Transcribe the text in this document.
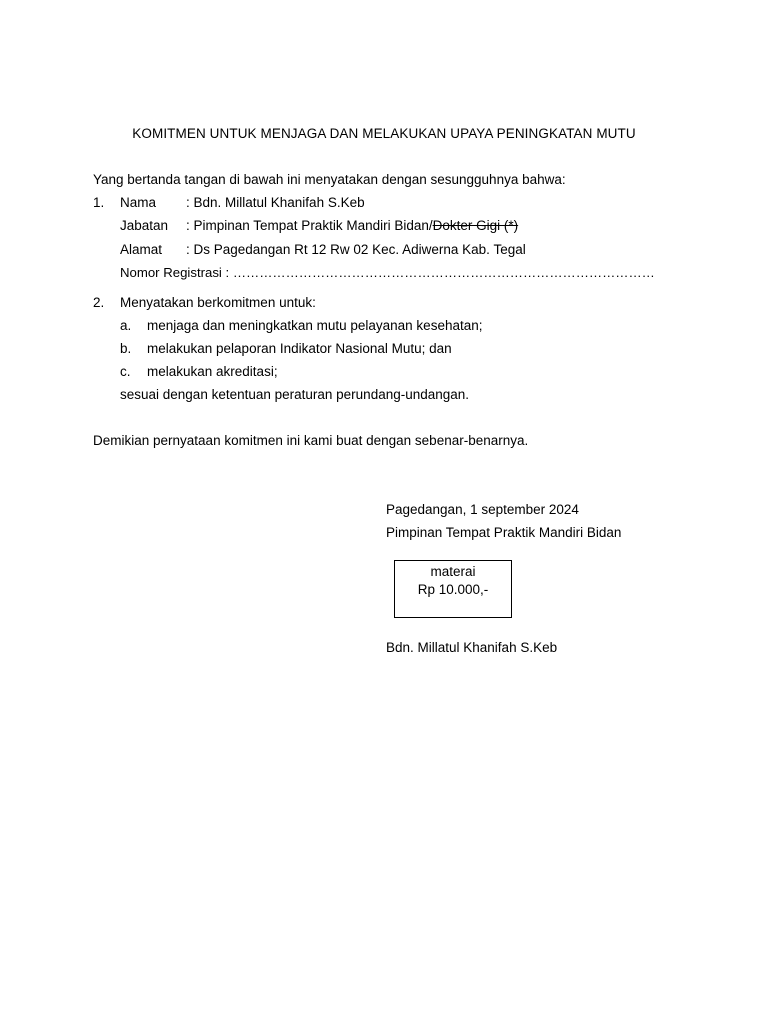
KOMITMEN UNTUK MENJAGA DAN MELAKUKAN UPAYA PENINGKATAN MUTU
Yang bertanda tangan di bawah ini menyatakan dengan sesungguhnya bahwa:
1. Nama : Bdn. Millatul Khanifah S.Keb
Jabatan : Pimpinan Tempat Praktik Mandiri Bidan/Dokter Gigi (*)
Alamat : Ds Pagedangan Rt 12 Rw 02 Kec. Adiwerna Kab. Tegal
Nomor Registrasi : ……………………………………………………………………………………
2. Menyatakan berkomitmen untuk:
a. menjaga dan meningkatkan mutu pelayanan kesehatan;
b. melakukan pelaporan Indikator Nasional Mutu; dan
c. melakukan akreditasi;
sesuai dengan ketentuan peraturan perundang-undangan.
Demikian pernyataan komitmen ini kami buat dengan sebenar-benarnya.
Pagedangan, 1 september 2024
Pimpinan Tempat Praktik Mandiri Bidan
materai
Rp 10.000,-
Bdn. Millatul Khanifah S.Keb
